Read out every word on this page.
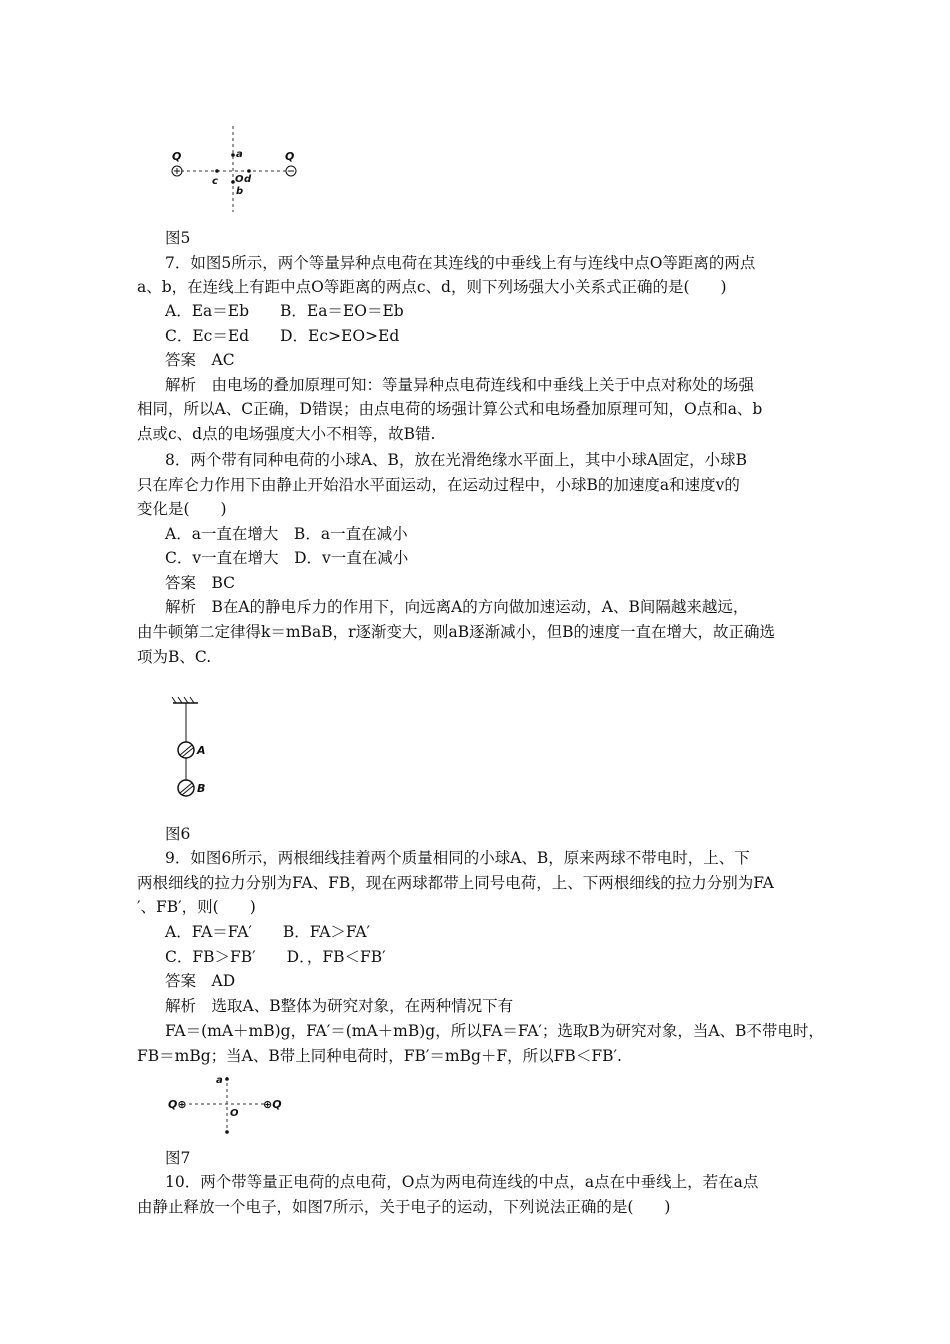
Q	Q
a
b
c O d
图5
7．如图5所示，两个等量异种点电荷在其连线的中垂线上有与连线中点O等距离的两点
a、b，在连线上有距中点O等距离的两点c、d，则下列场强大小关系式正确的是(　　)
A．Ea＝Eb　　B．Ea＝EO＝Eb
C．Ec＝Ed　　D．Ec>EO>Ed
答案　AC
解析　由电场的叠加原理可知：等量异种点电荷连线和中垂线上关于中点对称处的场强
相同，所以A、C正确，D错误；由点电荷的场强计算公式和电场叠加原理可知，O点和a、b
点或c、d点的电场强度大小不相等，故B错.
8．两个带有同种电荷的小球A、B，放在光滑绝缘水平面上，其中小球A固定，小球B
只在库仑力作用下由静止开始沿水平面运动，在运动过程中，小球B的加速度a和速度v的
变化是(　　)
A．a一直在增大　B．a一直在减小
C．v一直在增大　D．v一直在减小
答案　BC
解析　B在A的静电斥力的作用下，向远离A的方向做加速运动，A、B间隔越来越远，
由牛顿第二定律得k＝mBaB，r逐渐变大，则aB逐渐减小，但B的速度一直在增大，故正确选
项为B、C.
A
B
图6
9．如图6所示，两根细线挂着两个质量相同的小球A、B，原来两球不带电时，上、下
两根细线的拉力分别为FA、FB，现在两球都带上同号电荷，上、下两根细线的拉力分别为FA
′、FB′，则(　　)
A．FA＝FA′　　B．FA＞FA′
C．FB＞FB′　　D．，FB＜FB′
答案　AD
解析　选取A、B整体为研究对象，在两种情况下有
FA＝(mA＋mB)g，FA′＝(mA＋mB)g，所以FA＝FA′；选取B为研究对象，当A、B不带电时，
FB＝mBg；当A、B带上同种电荷时，FB′＝mBg＋F，所以FB＜FB′.
a
O
Q⊕	⊕Q
图7
10．两个带等量正电荷的点电荷，O点为两电荷连线的中点，a点在中垂线上，若在a点
由静止释放一个电子，如图7所示，关于电子的运动，下列说法正确的是(　　)
